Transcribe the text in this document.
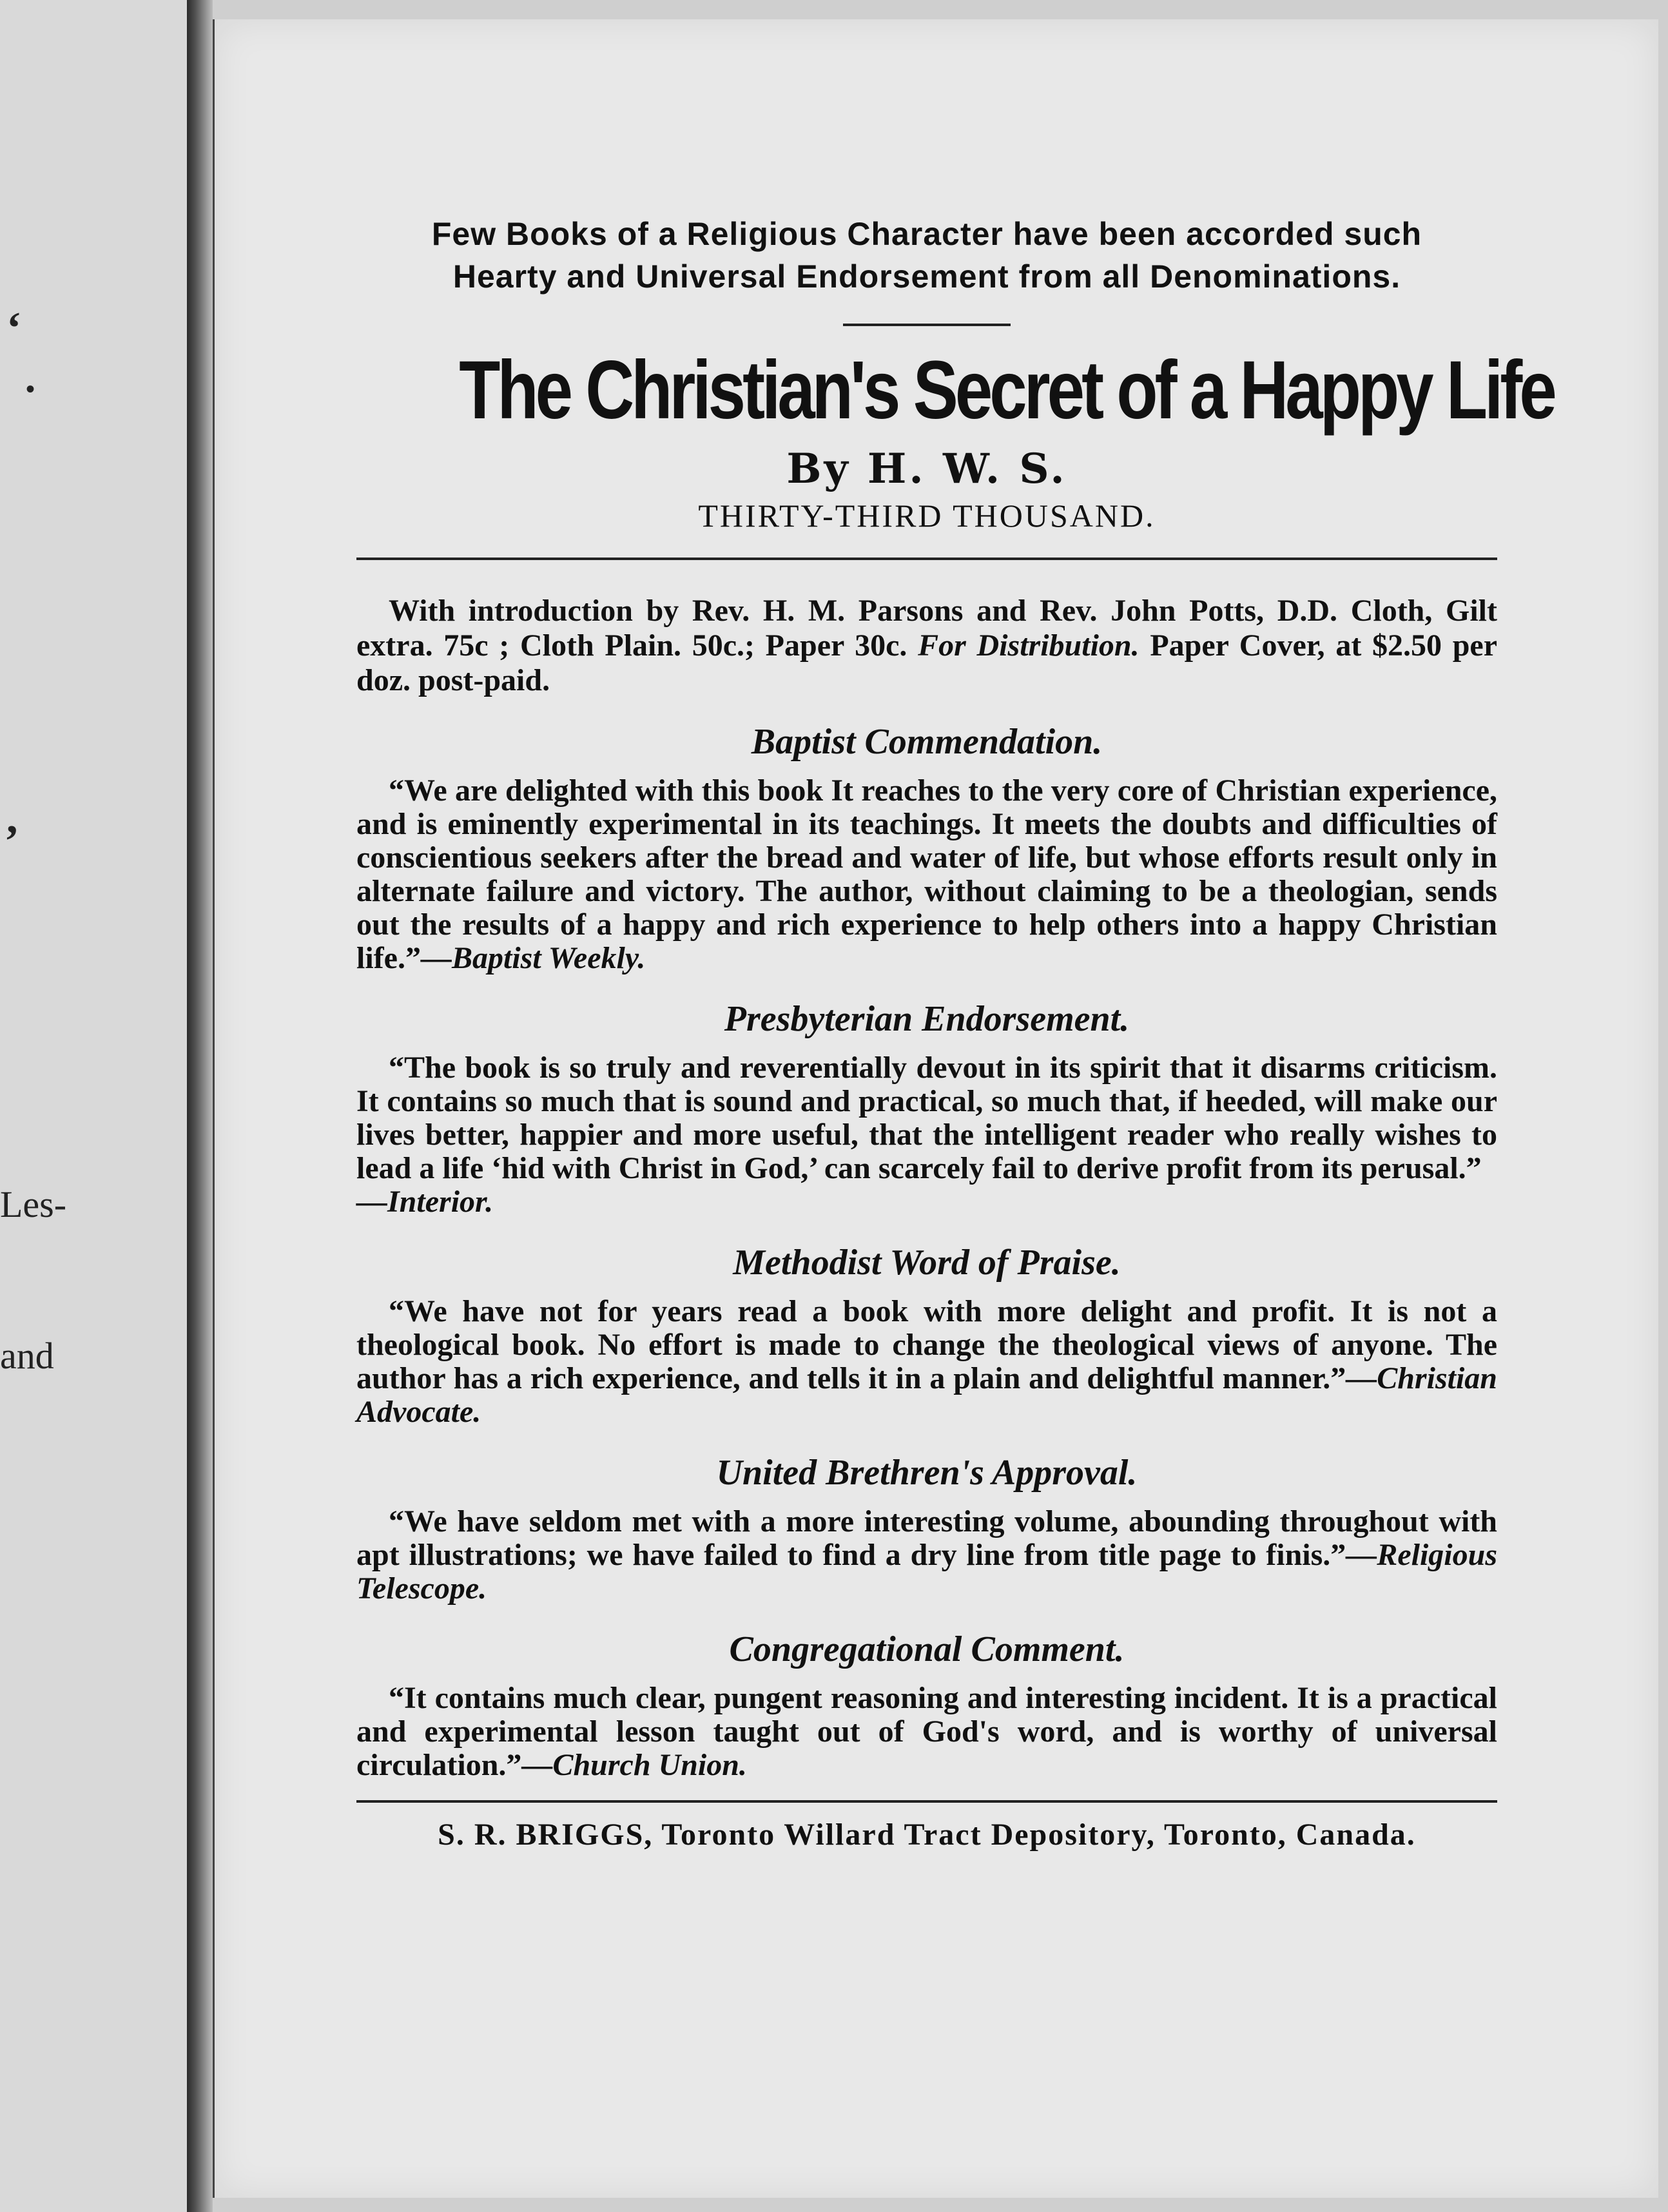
‘
•
,
Les-
and
Few Books of a Religious Character have been accorded such
Hearty and Universal Endorsement from all Denominations.
The Christian's Secret of a Happy Life
By H. W. S.
THIRTY-THIRD THOUSAND.
With introduction by Rev. H. M. Parsons and Rev. John Potts, D.D. Cloth, Gilt extra. 75c ; Cloth Plain. 50c.; Paper 30c. For Distribution. Paper Cover, at $2.50 per doz. post-paid.
Baptist Commendation.
“We are delighted with this book It reaches to the very core of Christian experience, and is eminently experimental in its teachings. It meets the doubts and difficulties of conscientious seekers after the bread and water of life, but whose efforts result only in alternate failure and victory. The author, without claiming to be a theologian, sends out the results of a happy and rich experience to help others into a happy Christian life.”—Baptist Weekly.
Presbyterian Endorsement.
“The book is so truly and reverentially devout in its spirit that it disarms criticism. It contains so much that is sound and practical, so much that, if heeded, will make our lives better, happier and more useful, that the intelligent reader who really wishes to lead a life ‘hid with Christ in God,’ can scarcely fail to derive profit from its perusal.”
—Interior.
Methodist Word of Praise.
“We have not for years read a book with more delight and profit. It is not a theological book. No effort is made to change the theological views of anyone. The author has a rich experience, and tells it in a plain and delightful manner.”—Christian Advocate.
United Brethren's Approval.
“We have seldom met with a more interesting volume, abounding throughout with apt illustrations; we have failed to find a dry line from title page to finis.”—Religious Telescope.
Congregational Comment.
“It contains much clear, pungent reasoning and interesting incident. It is a practical and experimental lesson taught out of God's word, and is worthy of universal circulation.”—Church Union.
S. R. BRIGGS, Toronto Willard Tract Depository, Toronto, Canada.
